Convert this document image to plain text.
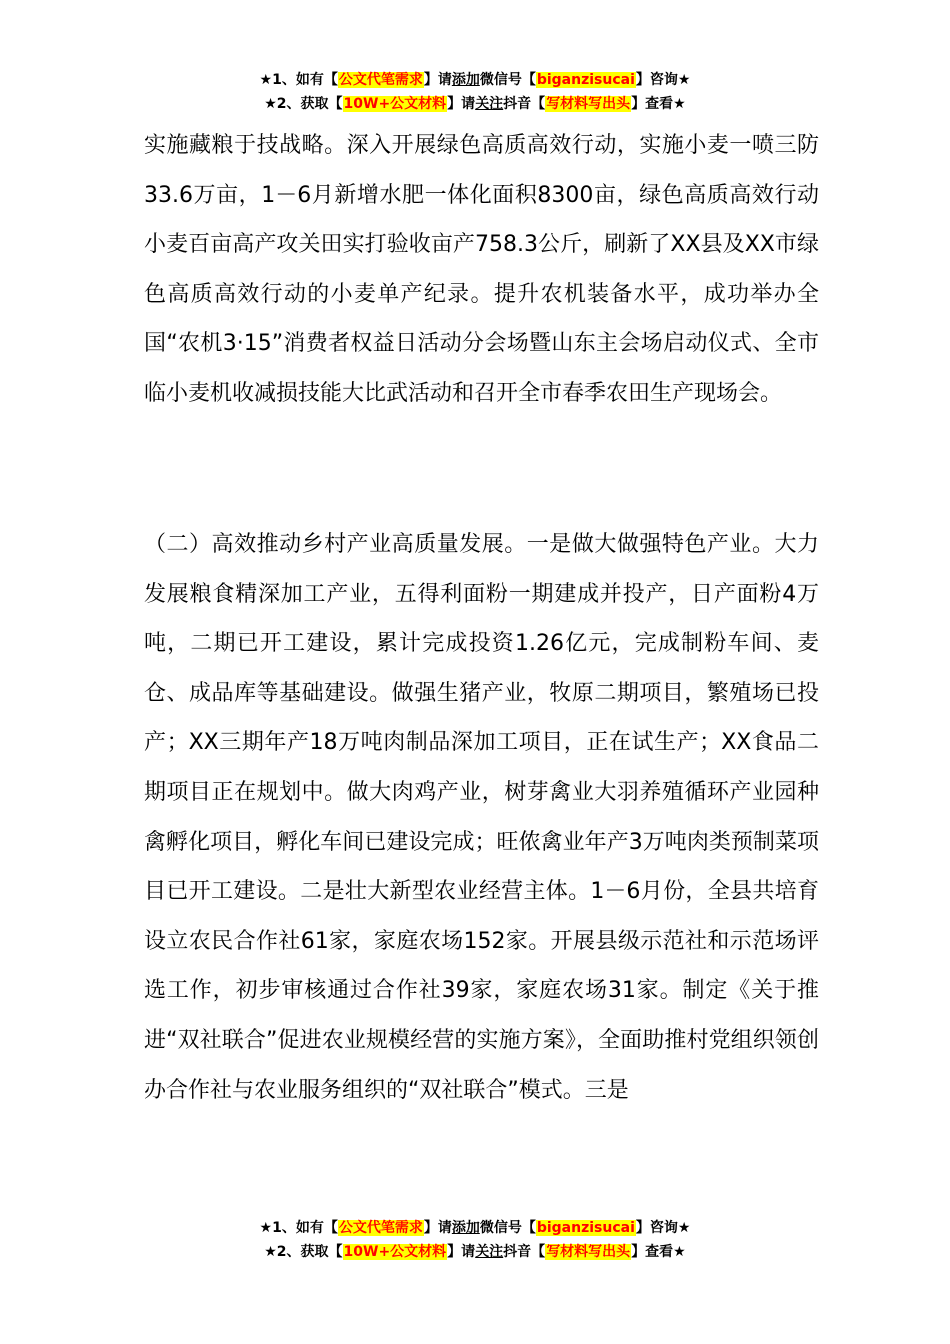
★1、如有【公文代笔需求】请添加微信号【biganzisucai】咨询★
★2、获取【10W+公文材料】请关注抖音【写材料写出头】查看★

实施藏粮于技战略。深入开展绿色高质高效行动，实施小麦一喷三防33.6万亩，1－6月新增水肥一体化面积8300亩，绿色高质高效行动小麦百亩高产攻关田实打验收亩产758.3公斤，刷新了XX县及XX市绿色高质高效行动的小麦单产纪录。提升农机装备水平，成功举办全国“农机3·15”消费者权益日活动分会场暨山东主会场启动仪式、全市临小麦机收减损技能大比武活动和召开全市春季农田生产现场会。

（二）高效推动乡村产业高质量发展。一是做大做强特色产业。大力发展粮食精深加工产业，五得利面粉一期建成并投产，日产面粉4万吨，二期已开工建设，累计完成投资1.26亿元，完成制粉车间、麦仓、成品库等基础建设。做强生猪产业，牧原二期项目，繁殖场已投产；XX三期年产18万吨肉制品深加工项目，正在试生产；XX食品二期项目正在规划中。做大肉鸡产业，树芽禽业大羽养殖循环产业园种禽孵化项目，孵化车间已建设完成；旺侬禽业年产3万吨肉类预制菜项目已开工建设。二是壮大新型农业经营主体。1－6月份，全县共培育设立农民合作社61家，家庭农场152家。开展县级示范社和示范场评选工作，初步审核通过合作社39家，家庭农场31家。制定《关于推进“双社联合”促进农业规模经营的实施方案》，全面助推村党组织领创办合作社与农业服务组织的“双社联合”模式。三是

★1、如有【公文代笔需求】请添加微信号【biganzisucai】咨询★
★2、获取【10W+公文材料】请关注抖音【写材料写出头】查看★
